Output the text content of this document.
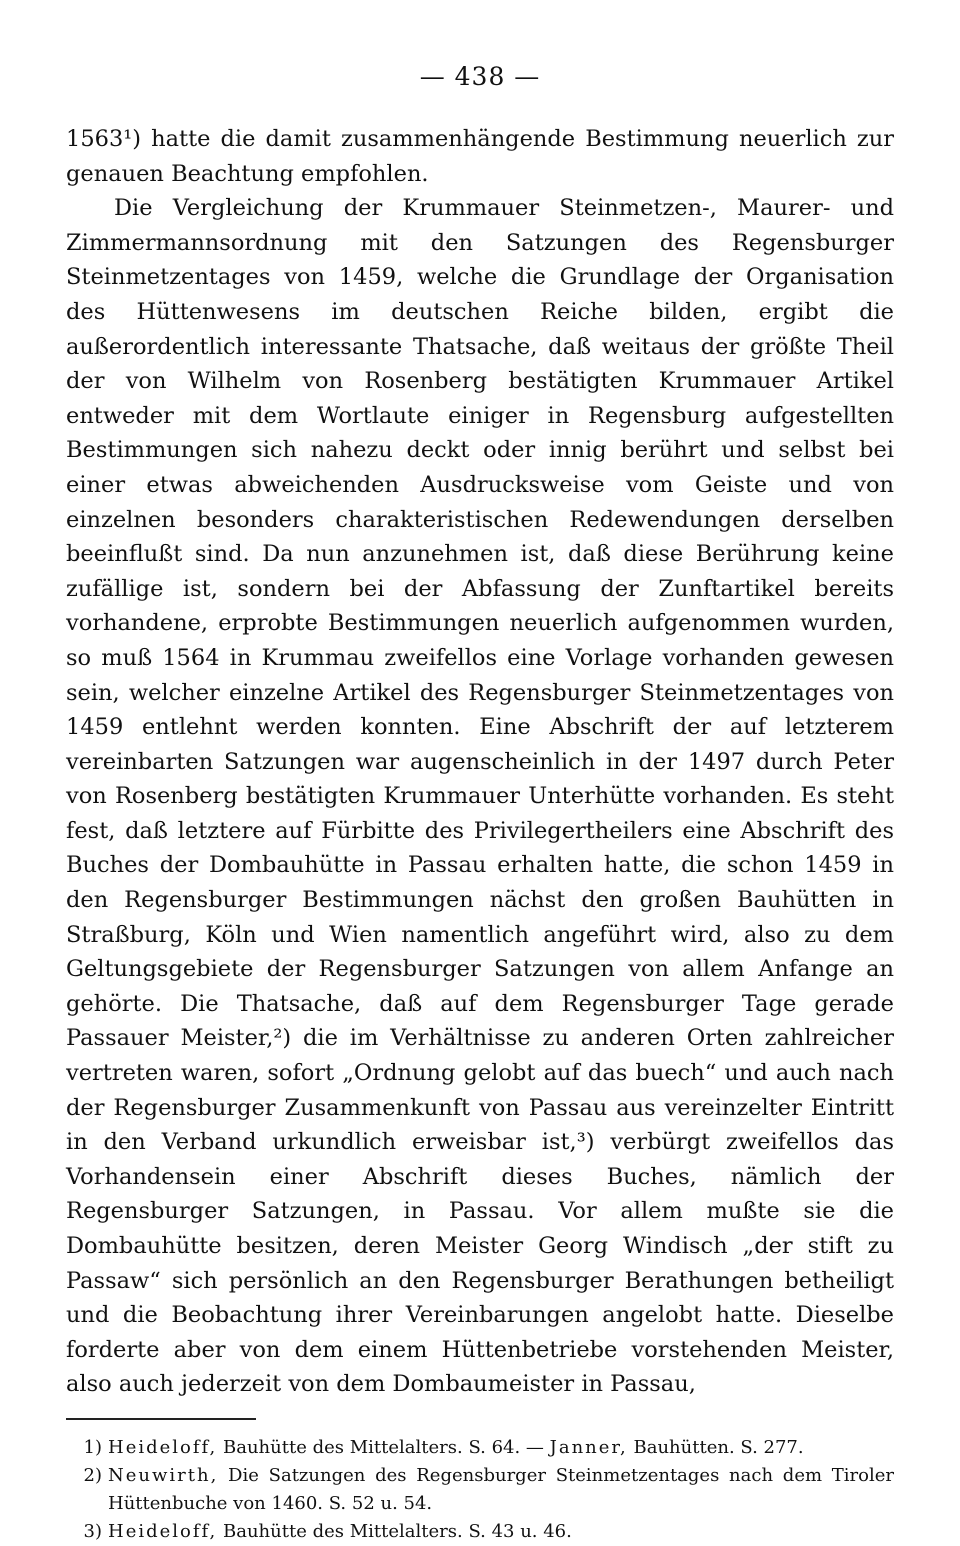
— 438 —

1563¹) hatte die damit zusammenhängende Bestimmung neuerlich zur genauen Beachtung empfohlen.

Die Vergleichung der Krummauer Steinmetzen-, Maurer- und Zimmermannsordnung mit den Satzungen des Regensburger Steinmetzentages von 1459, welche die Grundlage der Organisation des Hüttenwesens im deutschen Reiche bilden, ergibt die außerordentlich interessante Thatsache, daß weitaus der größte Theil der von Wilhelm von Rosenberg bestätigten Krummauer Artikel entweder mit dem Wortlaute einiger in Regensburg aufgestellten Bestimmungen sich nahezu deckt oder innig berührt und selbst bei einer etwas abweichenden Ausdrucksweise vom Geiste und von einzelnen besonders charakteristischen Redewendungen derselben beeinflußt sind. Da nun anzunehmen ist, daß diese Berührung keine zufällige ist, sondern bei der Abfassung der Zunftartikel bereits vorhandene, erprobte Bestimmungen neuerlich aufgenommen wurden, so muß 1564 in Krummau zweifellos eine Vorlage vorhanden gewesen sein, welcher einzelne Artikel des Regensburger Steinmetzentages von 1459 entlehnt werden konnten. Eine Abschrift der auf letzterem vereinbarten Satzungen war augenscheinlich in der 1497 durch Peter von Rosenberg bestätigten Krummauer Unterhütte vorhanden. Es steht fest, daß letztere auf Fürbitte des Privilegertheilers eine Abschrift des Buches der Dombauhütte in Passau erhalten hatte, die schon 1459 in den Regensburger Bestimmungen nächst den großen Bauhütten in Straßburg, Köln und Wien namentlich angeführt wird, also zu dem Geltungsgebiete der Regensburger Satzungen von allem Anfange an gehörte. Die Thatsache, daß auf dem Regensburger Tage gerade Passauer Meister,²) die im Verhältnisse zu anderen Orten zahlreicher vertreten waren, sofort „Ordnung gelobt auf das buech“ und auch nach der Regensburger Zusammenkunft von Passau aus vereinzelter Eintritt in den Verband urkundlich erweisbar ist,³) verbürgt zweifellos das Vorhandensein einer Abschrift dieses Buches, nämlich der Regensburger Satzungen, in Passau. Vor allem mußte sie die Dombauhütte besitzen, deren Meister Georg Windisch „der stift zu Passaw“ sich persönlich an den Regensburger Berathungen betheiligt und die Beobachtung ihrer Vereinbarungen angelobt hatte. Dieselbe forderte aber von dem einem Hüttenbetriebe vorstehenden Meister, also auch jederzeit von dem Dombaumeister in Passau,

1) Heideloff, Bauhütte des Mittelalters. S. 64. — Janner, Bauhütten. S. 277.
2) Neuwirth, Die Satzungen des Regensburger Steinmetzentages nach dem Tiroler Hüttenbuche von 1460. S. 52 u. 54.
3) Heideloff, Bauhütte des Mittelalters. S. 43 u. 46.
